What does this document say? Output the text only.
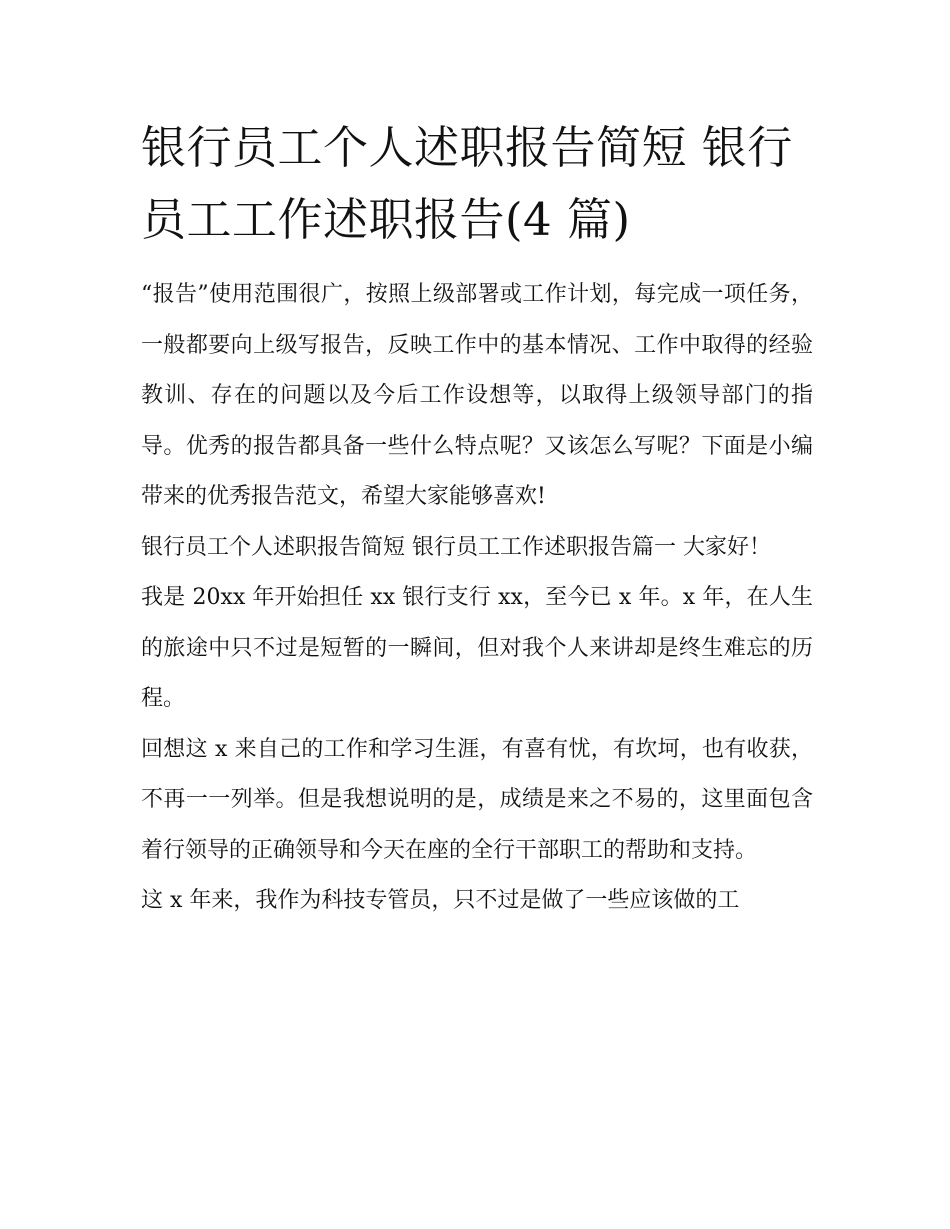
银行员工个人述职报告简短 银行员工工作述职报告(4 篇)

“报告”使用范围很广，按照上级部署或工作计划，每完成一项任务，一般都要向上级写报告，反映工作中的基本情况、工作中取得的经验教训、存在的问题以及今后工作设想等，以取得上级领导部门的指导。优秀的报告都具备一些什么特点呢？又该怎么写呢？下面是小编带来的优秀报告范文，希望大家能够喜欢!

银行员工个人述职报告简短 银行员工工作述职报告篇一 大家好！

我是 20xx 年开始担任 xx 银行支行 xx，至今已 x 年。x 年，在人生的旅途中只不过是短暂的一瞬间，但对我个人来讲却是终生难忘的历程。

回想这 x 来自己的工作和学习生涯，有喜有忧，有坎坷，也有收获，不再一一列举。但是我想说明的是，成绩是来之不易的，这里面包含着行领导的正确领导和今天在座的全行干部职工的帮助和支持。

这 x 年来，我作为科技专管员，只不过是做了一些应该做的工
